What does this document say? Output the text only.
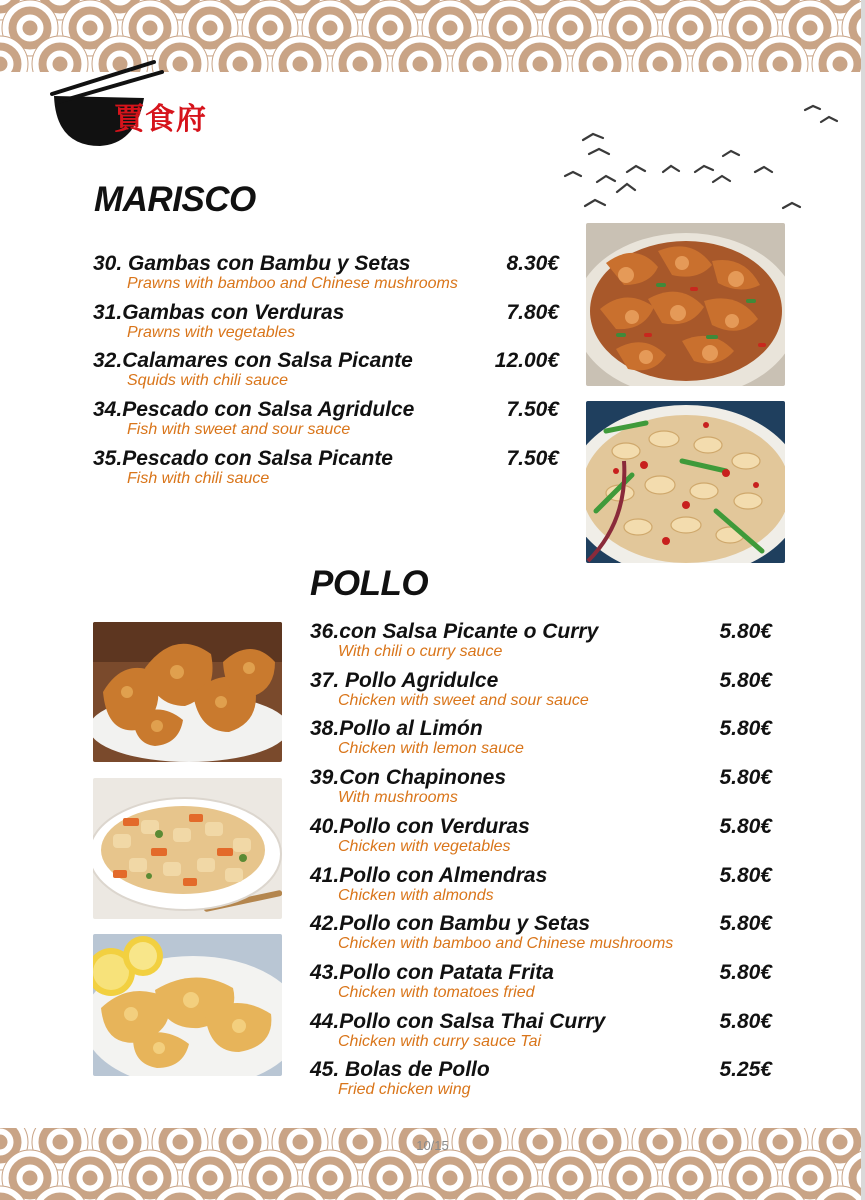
賈食府
MARISCO
30. Gambas con Bambu y Setas	8.30€
Prawns with bamboo and Chinese mushrooms
31.Gambas con Verduras	7.80€
Prawns with vegetables
32.Calamares con Salsa Picante	12.00€
Squids with chili sauce
34.Pescado con Salsa Agridulce	7.50€
Fish with sweet and sour sauce
35.Pescado con Salsa Picante	7.50€
Fish with chili sauce
POLLO
36.con Salsa Picante o Curry	5.80€
With chili o curry sauce
37. Pollo Agridulce	5.80€
Chicken with sweet and sour sauce
38.Pollo al Limón	5.80€
Chicken with lemon sauce
39.Con Chapinones	5.80€
With mushrooms
40.Pollo con Verduras	5.80€
Chicken with vegetables
41.Pollo con Almendras	5.80€
Chicken with almonds
42.Pollo con Bambu y Setas	5.80€
Chicken with bamboo and Chinese mushrooms
43.Pollo con Patata Frita	5.80€
Chicken with tomatoes fried
44.Pollo con Salsa Thai Curry	5.80€
Chicken with curry sauce Tai
45. Bolas de Pollo	5.25€
Fried chicken wing
10/15
